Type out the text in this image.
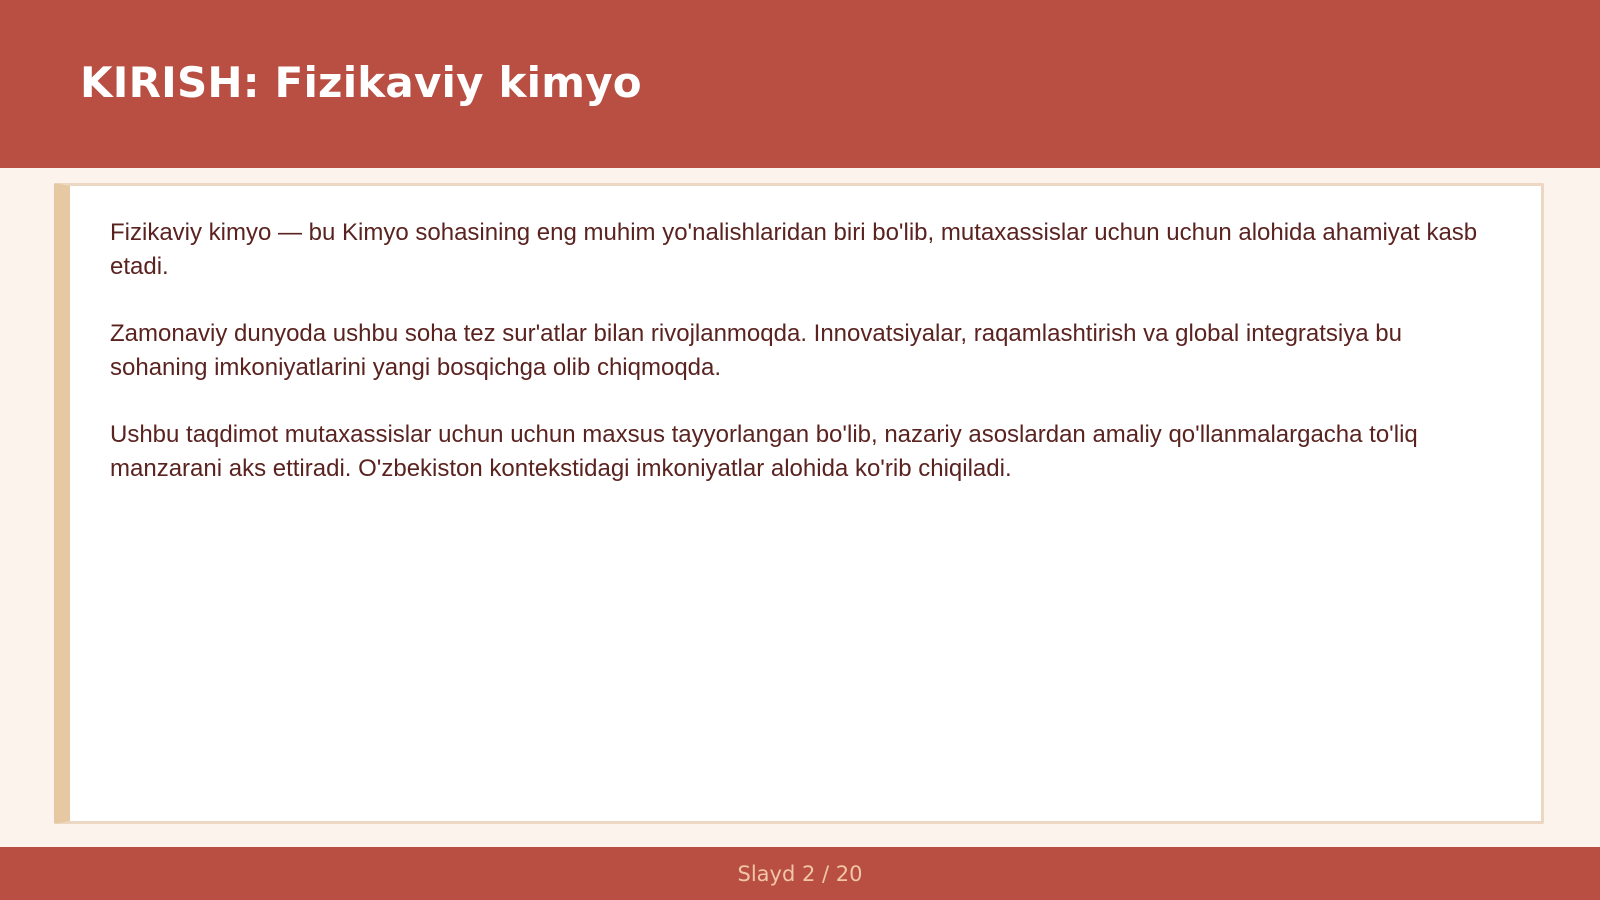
KIRISH: Fizikaviy kimyo

Fizikaviy kimyo — bu Kimyo sohasining eng muhim yo'nalishlaridan biri bo'lib, mutaxassislar uchun uchun alohida ahamiyat kasb etadi.

Zamonaviy dunyoda ushbu soha tez sur'atlar bilan rivojlanmoqda. Innovatsiyalar, raqamlashtirish va global integratsiya bu sohaning imkoniyatlarini yangi bosqichga olib chiqmoqda.

Ushbu taqdimot mutaxassislar uchun uchun maxsus tayyorlangan bo'lib, nazariy asoslardan amaliy qo'llanmalargacha to'liq manzarani aks ettiradi. O'zbekiston kontekstidagi imkoniyatlar alohida ko'rib chiqiladi.

Slayd 2 / 20
